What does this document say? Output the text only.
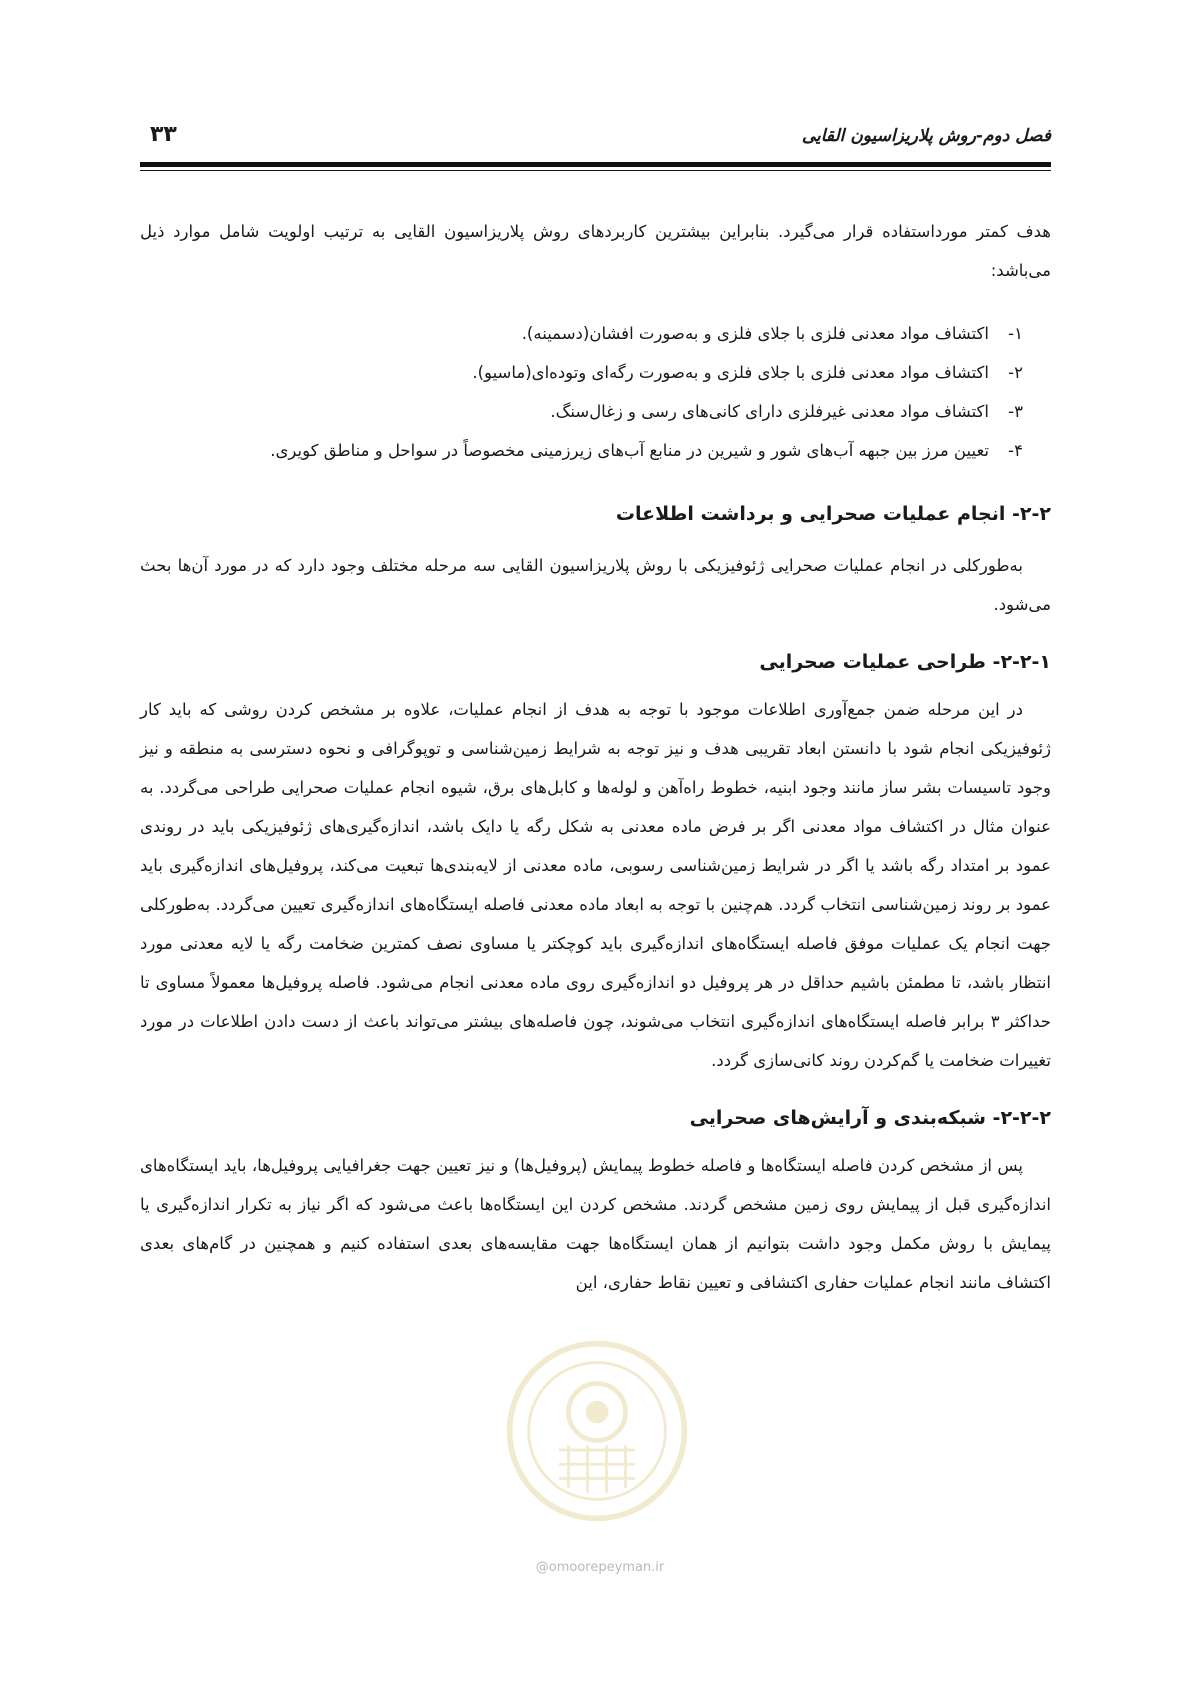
فصل دوم-روش پلاریزاسیون القایی
۳۳

هدف کمتر مورداستفاده قرار می‌گیرد. بنابراین بیشترین کاربردهای روش پلاریزاسیون القایی به ترتیب اولویت شامل موارد ذیل می‌باشد:

۱-
اکتشاف مواد معدنی فلزی با جلای فلزی و به‌صورت افشان(دسمینه).
۲-
اکتشاف مواد معدنی فلزی با جلای فلزی و به‌صورت رگه‌ای وتوده‌ای(ماسیو).
۳-
اکتشاف مواد معدنی غیرفلزی دارای کانی‌های رسی و زغال‌سنگ.
۴-
تعیین مرز بین جبهه آب‌های شور و شیرین در منابع آب‌های زیرزمینی مخصوصاً در سواحل و مناطق کویری.
۲-۲- انجام عملیات صحرایی و برداشت اطلاعات

به‌طورکلی در انجام عملیات صحرایی ژئوفیزیکی با روش پلاریزاسیون القایی سه مرحله مختلف وجود دارد که در مورد آن‌ها بحث می‌شود.

۲-۲-۱- طراحی عملیات صحرایی

در این مرحله ضمن جمع‌آوری اطلاعات موجود با توجه به هدف از انجام عملیات، علاوه بر مشخص کردن روشی که باید کار ژئوفیزیکی انجام شود با دانستن ابعاد تقریبی هدف و نیز توجه به شرایط زمین‌شناسی و توپوگرافی و نحوه دسترسی به منطقه و نیز وجود تاسیسات بشر ساز مانند وجود ابنیه، خطوط راه‌آهن و لوله‌ها و کابل‌های برق، شیوه انجام عملیات صحرایی طراحی می‌گردد. به عنوان مثال در اکتشاف مواد معدنی اگر بر فرض ماده معدنی به شکل رگه یا دایک باشد، اندازه‌گیری‌های ژئوفیزیکی باید در روندی عمود بر امتداد رگه باشد یا اگر در شرایط زمین‌شناسی رسوبی، ماده معدنی از لایه‌بندی‌ها تبعیت می‌کند، پروفیل‌های اندازه‌گیری باید عمود بر روند زمین‌شناسی انتخاب گردد. هم‌چنین با توجه به ابعاد ماده معدنی فاصله ایستگاه‌های اندازه‌گیری تعیین می‌گردد. به‌طورکلی جهت انجام یک عملیات موفق فاصله ایستگاه‌های اندازه‌گیری باید کوچکتر یا مساوی نصف کمترین ضخامت رگه یا لایه معدنی مورد انتظار باشد، تا مطمئن باشیم حداقل در هر پروفیل دو اندازه‌گیری روی ماده معدنی انجام می‌شود. فاصله پروفیل‌ها معمولاً مساوی تا حداکثر ۳ برابر فاصله ایستگاه‌های اندازه‌گیری انتخاب می‌شوند، چون فاصله‌های بیشتر می‌تواند باعث از دست دادن اطلاعات در مورد تغییرات ضخامت یا گم‌کردن روند کانی‌سازی گردد.

۲-۲-۲- شبکه‌بندی و آرایش‌های صحرایی

پس از مشخص کردن فاصله ایستگاه‌ها و فاصله خطوط پیمایش (پروفیل‌ها) و نیز تعیین جهت جغرافیایی پروفیل‌ها، باید ایستگاه‌های اندازه‌گیری قبل از پیمایش روی زمین مشخص گردند. مشخص کردن این ایستگاه‌ها باعث می‌شود که اگر نیاز به تکرار اندازه‌گیری یا پیمایش با روش مکمل وجود داشت بتوانیم از همان ایستگاه‌ها جهت مقایسه‌های بعدی استفاده کنیم و همچنین در گام‌های بعدی اکتشاف مانند انجام عملیات حفاری اکتشافی و تعیین نقاط حفاری، این

@omoorepeyman.ir
